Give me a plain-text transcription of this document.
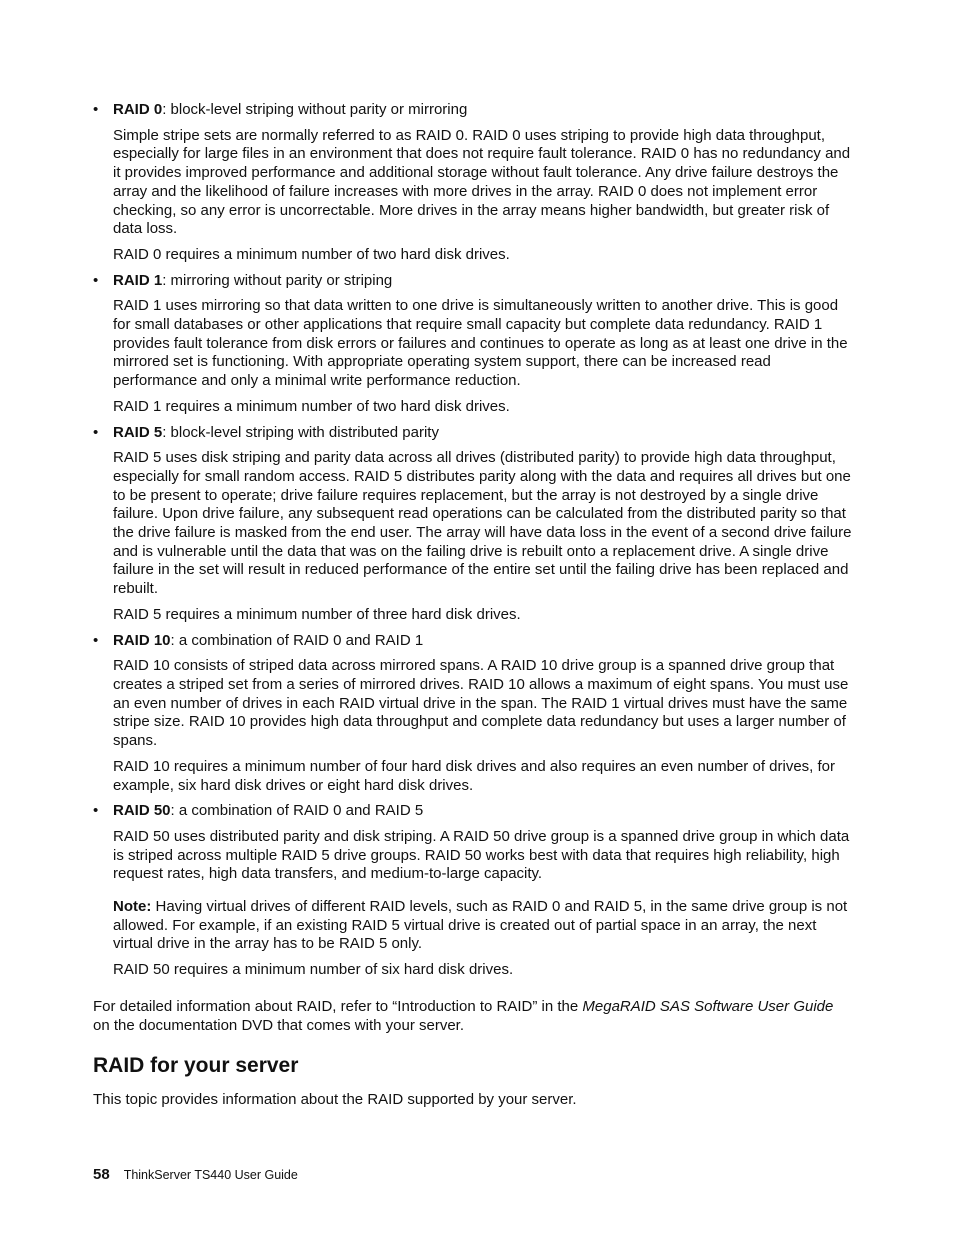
• RAID 0: block-level striping without parity or mirroring

Simple stripe sets are normally referred to as RAID 0. RAID 0 uses striping to provide high data throughput, especially for large files in an environment that does not require fault tolerance. RAID 0 has no redundancy and it provides improved performance and additional storage without fault tolerance. Any drive failure destroys the array and the likelihood of failure increases with more drives in the array. RAID 0 does not implement error checking, so any error is uncorrectable. More drives in the array means higher bandwidth, but greater risk of data loss.

RAID 0 requires a minimum number of two hard disk drives.

• RAID 1: mirroring without parity or striping

RAID 1 uses mirroring so that data written to one drive is simultaneously written to another drive. This is good for small databases or other applications that require small capacity but complete data redundancy. RAID 1 provides fault tolerance from disk errors or failures and continues to operate as long as at least one drive in the mirrored set is functioning. With appropriate operating system support, there can be increased read performance and only a minimal write performance reduction.

RAID 1 requires a minimum number of two hard disk drives.

• RAID 5: block-level striping with distributed parity

RAID 5 uses disk striping and parity data across all drives (distributed parity) to provide high data throughput, especially for small random access. RAID 5 distributes parity along with the data and requires all drives but one to be present to operate; drive failure requires replacement, but the array is not destroyed by a single drive failure. Upon drive failure, any subsequent read operations can be calculated from the distributed parity so that the drive failure is masked from the end user. The array will have data loss in the event of a second drive failure and is vulnerable until the data that was on the failing drive is rebuilt onto a replacement drive. A single drive failure in the set will result in reduced performance of the entire set until the failing drive has been replaced and rebuilt.

RAID 5 requires a minimum number of three hard disk drives.

• RAID 10: a combination of RAID 0 and RAID 1

RAID 10 consists of striped data across mirrored spans. A RAID 10 drive group is a spanned drive group that creates a striped set from a series of mirrored drives. RAID 10 allows a maximum of eight spans. You must use an even number of drives in each RAID virtual drive in the span. The RAID 1 virtual drives must have the same stripe size. RAID 10 provides high data throughput and complete data redundancy but uses a larger number of spans.

RAID 10 requires a minimum number of four hard disk drives and also requires an even number of drives, for example, six hard disk drives or eight hard disk drives.

• RAID 50: a combination of RAID 0 and RAID 5

RAID 50 uses distributed parity and disk striping. A RAID 50 drive group is a spanned drive group in which data is striped across multiple RAID 5 drive groups. RAID 50 works best with data that requires high reliability, high request rates, high data transfers, and medium-to-large capacity.

Note: Having virtual drives of different RAID levels, such as RAID 0 and RAID 5, in the same drive group is not allowed. For example, if an existing RAID 5 virtual drive is created out of partial space in an array, the next virtual drive in the array has to be RAID 5 only.

RAID 50 requires a minimum number of six hard disk drives.

For detailed information about RAID, refer to “Introduction to RAID” in the MegaRAID SAS Software User Guide on the documentation DVD that comes with your server.

RAID for your server

This topic provides information about the RAID supported by your server.

58 ThinkServer TS440 User Guide
